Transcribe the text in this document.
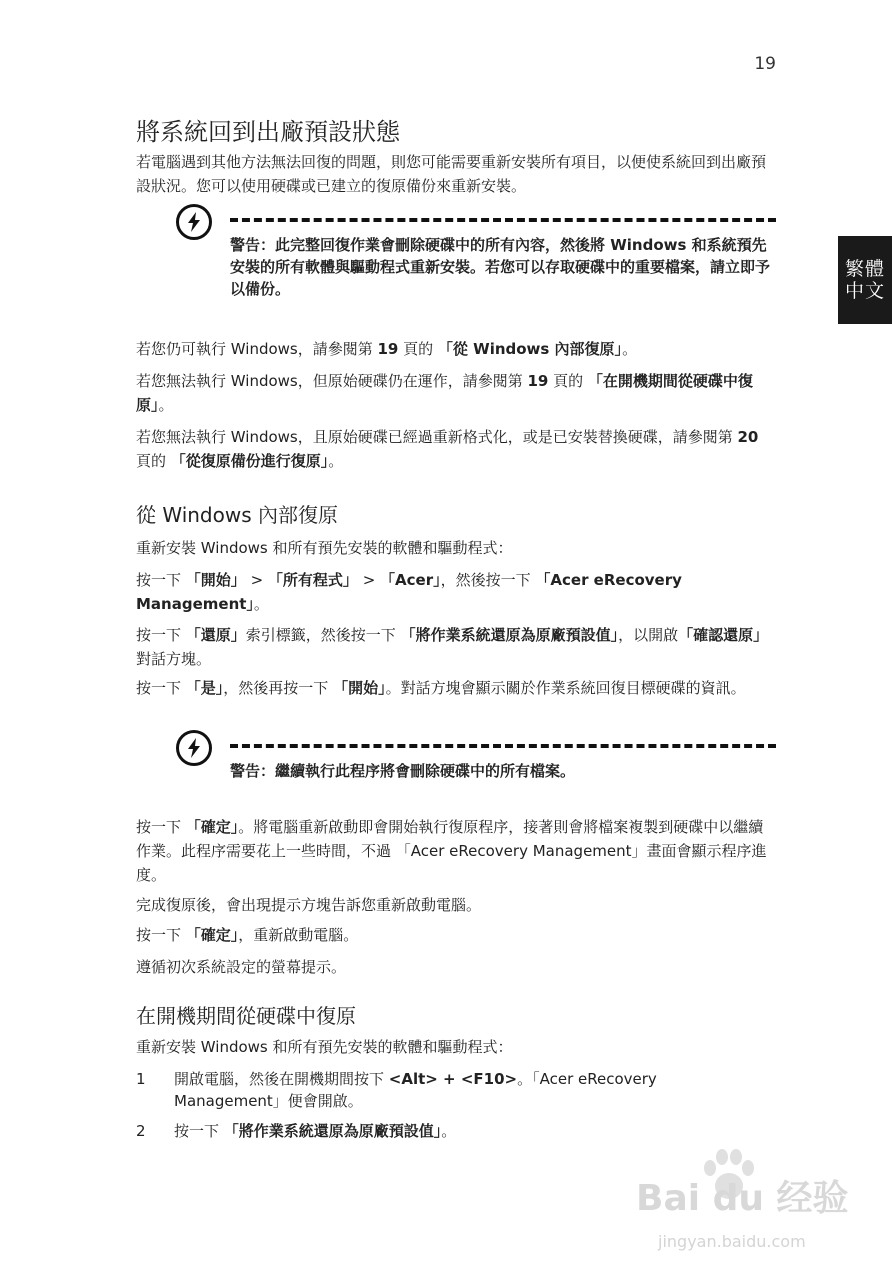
19
繁體中文
將系統回到出廠預設狀態
若電腦遇到其他方法無法回復的問題，則您可能需要重新安裝所有項目，以便使系統回到出廠預設狀況。您可以使用硬碟或已建立的復原備份來重新安裝。
警告：此完整回復作業會刪除硬碟中的所有內容，然後將 Windows 和系統預先安裝的所有軟體與驅動程式重新安裝。若您可以存取硬碟中的重要檔案，請立即予以備份。
若您仍可執行 Windows，請參閱第 19 頁的 「從 Windows 內部復原」。
若您無法執行 Windows，但原始硬碟仍在運作，請參閱第 19 頁的 「在開機期間從硬碟中復原」。
若您無法執行 Windows，且原始硬碟已經過重新格式化，或是已安裝替換硬碟，請參閱第 20 頁的 「從復原備份進行復原」。
從 Windows 內部復原
重新安裝 Windows 和所有預先安裝的軟體和驅動程式：
按一下 「開始」 > 「所有程式」 > 「Acer」，然後按一下 「Acer eRecovery Management」。
按一下 「還原」索引標籤，然後按一下 「將作業系統還原為原廠預設值」，以開啟「確認還原」對話方塊。
按一下 「是」，然後再按一下 「開始」。對話方塊會顯示關於作業系統回復目標硬碟的資訊。
警告：繼續執行此程序將會刪除硬碟中的所有檔案。
按一下 「確定」。將電腦重新啟動即會開始執行復原程序，接著則會將檔案複製到硬碟中以繼續作業。此程序需要花上一些時間，不過 「Acer eRecovery Management」畫面會顯示程序進度。
完成復原後，會出現提示方塊告訴您重新啟動電腦。
按一下 「確定」，重新啟動電腦。
遵循初次系統設定的螢幕提示。
在開機期間從硬碟中復原
重新安裝 Windows 和所有預先安裝的軟體和驅動程式：
1	開啟電腦，然後在開機期間按下 <Alt> + <F10>。「Acer eRecovery Management」便會開啟。
2	按一下 「將作業系統還原為原廠預設值」。
Bai du 经验
jingyan.baidu.com
